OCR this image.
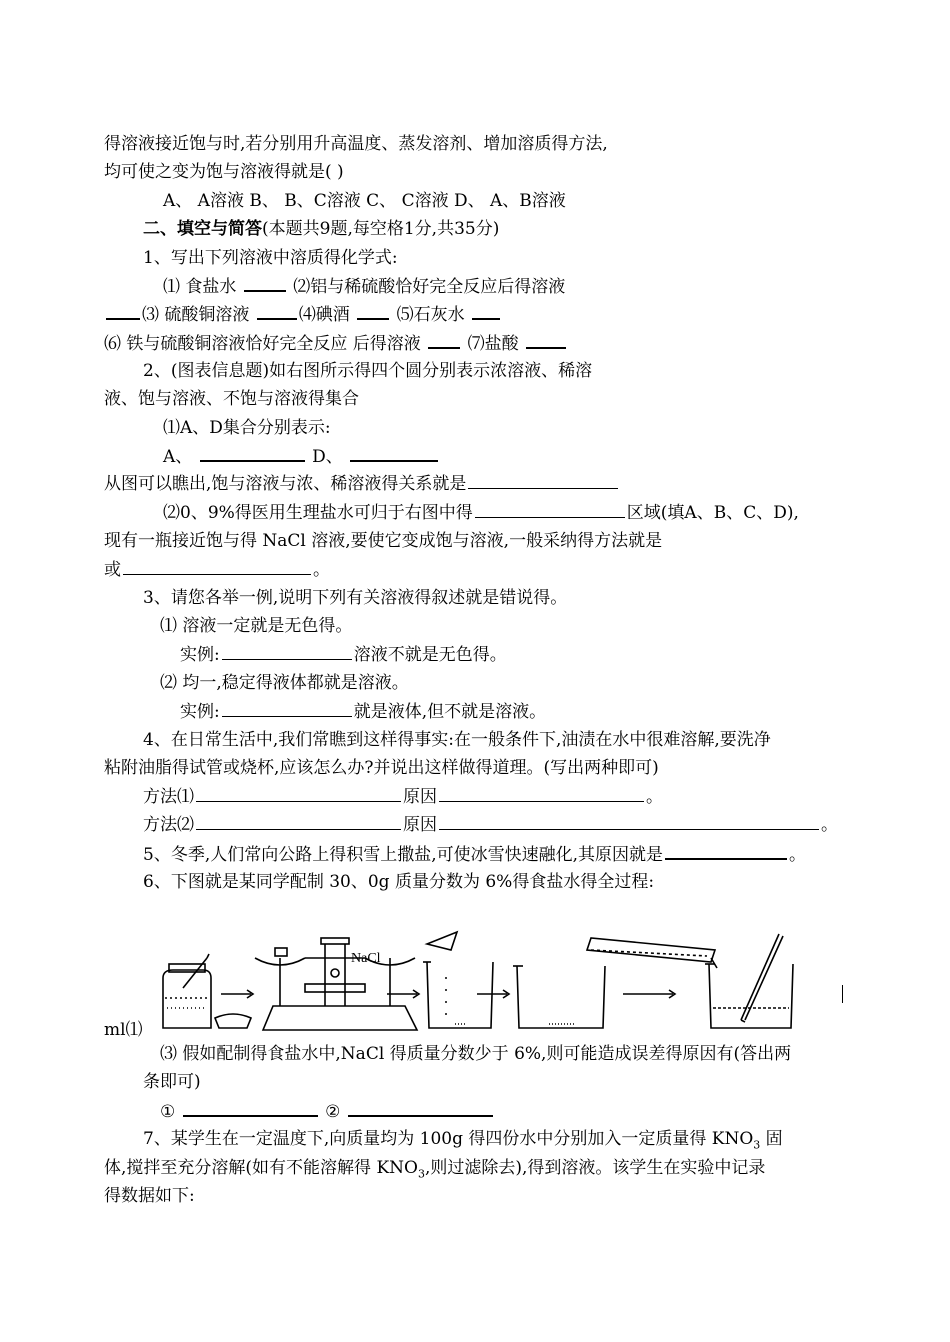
得溶液接近饱与时,若分别用升高温度、蒸发溶剂、增加溶质得方法,
均可使之变为饱与溶液得就是( )
A、 A溶液 B、 B、C溶液 C、 C溶液 D、 A、B溶液
二、填空与简答(本题共9题,每空格1分,共35分)
1、写出下列溶液中溶质得化学式:
⑴ 食盐水	⑵铝与稀硫酸恰好完全反应后得溶液
⑶ 硫酸铜溶液	⑷碘酒	⑸石灰水
⑹ 铁与硫酸铜溶液恰好完全反应 后得溶液	⑺盐酸
2、(图表信息题)如右图所示得四个圆分别表示浓溶液、稀溶
液、饱与溶液、不饱与溶液得集合
⑴A、D集合分别表示:
A、	D、
从图可以瞧出,饱与溶液与浓、稀溶液得关系就是
⑵0、9%得医用生理盐水可归于右图中得	区域(填A、B、C、D),
现有一瓶接近饱与得 NaCl 溶液,要使它变成饱与溶液,一般采纳得方法就是
或	。
3、请您各举一例,说明下列有关溶液得叙述就是错说得。
⑴ 溶液一定就是无色得。
实例:	溶液不就是无色得。
⑵ 均一,稳定得液体都就是溶液。
实例:	就是液体,但不就是溶液。
4、在日常生活中,我们常瞧到这样得事实:在一般条件下,油渍在水中很难溶解,要洗净
粘附油脂得试管或烧杯,应该怎么办?并说出这样做得道理。(写出两种即可)
方法⑴	原因	。
方法⑵	原因	。
5、冬季,人们常向公路上得积雪上撒盐,可使冰雪快速融化,其原因就是	。
6、下图就是某同学配制 30、0g 质量分数为 6%得食盐水得全过程:
NaCl
ml⑴
⑶ 假如配制得食盐水中,NaCl 得质量分数少于 6%,则可能造成误差得原因有(答出两
条即可)
①	②
7、某学生在一定温度下,向质量均为 100g 得四份水中分别加入一定质量得 $KNO_3$ 固
体,搅拌至充分溶解(如有不能溶解得 $KNO_3$,则过滤除去),得到溶液。该学生在实验中记录
得数据如下:
